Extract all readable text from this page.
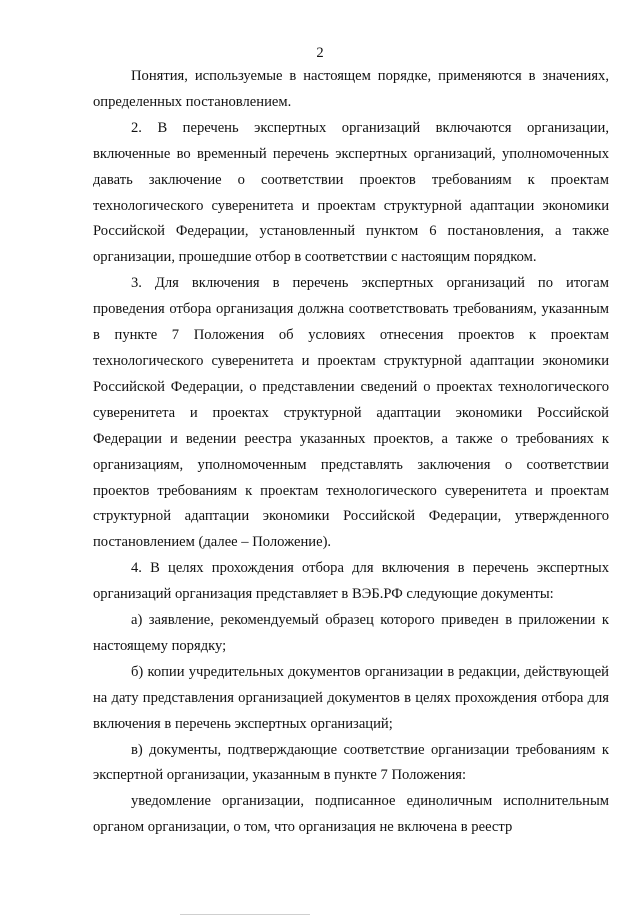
2

Понятия, используемые в настоящем порядке, применяются в значениях, определенных постановлением.

2. В перечень экспертных организаций включаются организации, включенные во временный перечень экспертных организаций, уполномоченных давать заключение о соответствии проектов требованиям к проектам технологического суверенитета и проектам структурной адаптации экономики Российской Федерации, установленный пунктом 6 постановления, а также организации, прошедшие отбор в соответствии с настоящим порядком.

3. Для включения в перечень экспертных организаций по итогам проведения отбора организация должна соответствовать требованиям, указанным в пункте 7 Положения об условиях отнесения проектов к проектам технологического суверенитета и проектам структурной адаптации экономики Российской Федерации, о представлении сведений о проектах технологического суверенитета и проектах структурной адаптации экономики Российской Федерации и ведении реестра указанных проектов, а также о требованиях к организациям, уполномоченным представлять заключения о соответствии проектов требованиям к проектам технологического суверенитета и проектам структурной адаптации экономики Российской Федерации, утвержденного постановлением (далее – Положение).

4. В целях прохождения отбора для включения в перечень экспертных организаций организация представляет в ВЭБ.РФ следующие документы:

а) заявление, рекомендуемый образец которого приведен в приложении к настоящему порядку;

б) копии учредительных документов организации в редакции, действующей на дату представления организацией документов в целях прохождения отбора для включения в перечень экспертных организаций;

в) документы, подтверждающие соответствие организации требованиям к экспертной организации, указанным в пункте 7 Положения:

уведомление организации, подписанное единоличным исполнительным органом организации, о том, что организация не включена в реестр
